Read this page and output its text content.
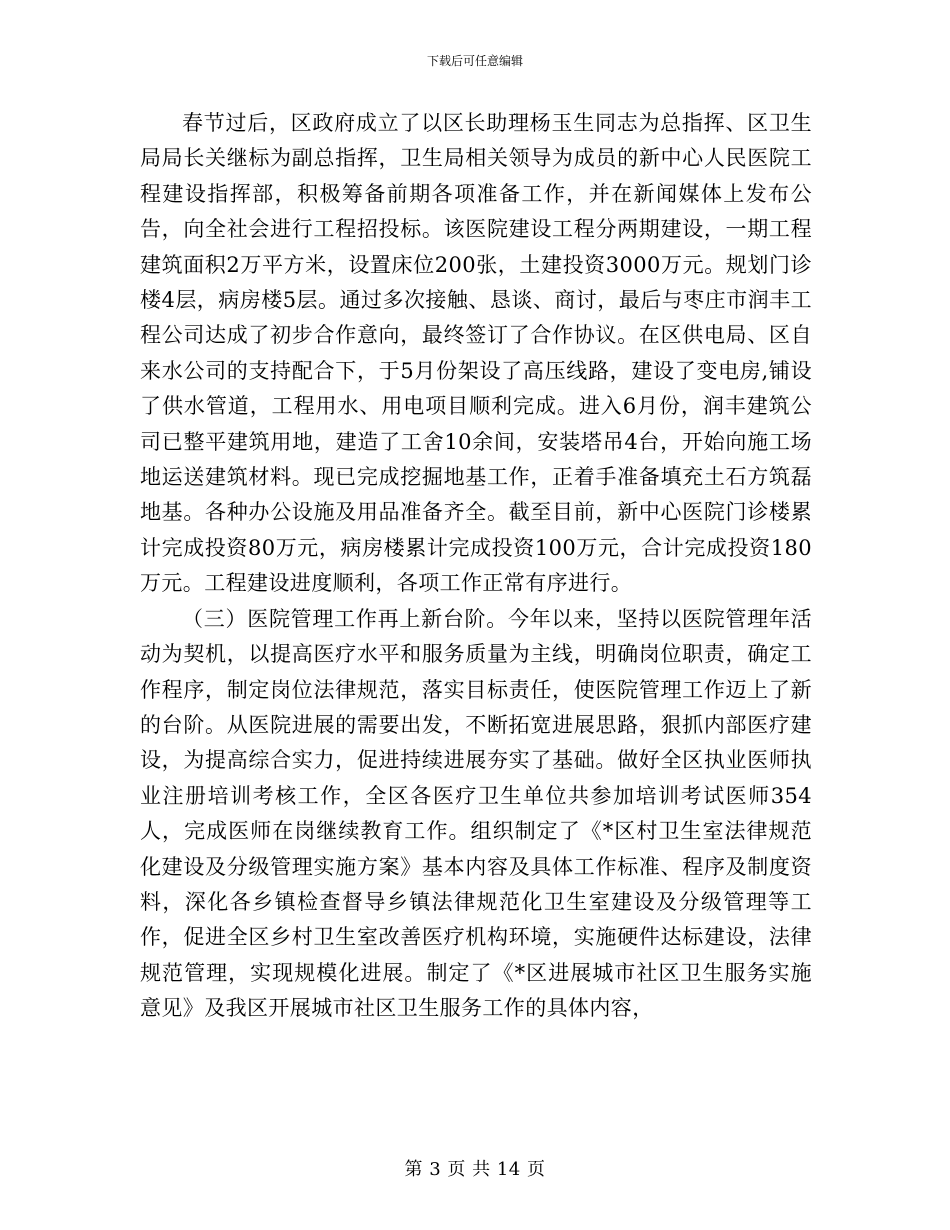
下载后可任意编辑

春节过后，区政府成立了以区长助理杨玉生同志为总指挥、区卫生局局长关继标为副总指挥，卫生局相关领导为成员的新中心人民医院工程建设指挥部，积极筹备前期各项准备工作，并在新闻媒体上发布公告，向全社会进行工程招投标。该医院建设工程分两期建设，一期工程建筑面积2万平方米，设置床位200张，土建投资3000万元。规划门诊楼4层，病房楼5层。通过多次接触、恳谈、商讨，最后与枣庄市润丰工程公司达成了初步合作意向，最终签订了合作协议。在区供电局、区自来水公司的支持配合下，于5月份架设了高压线路，建设了变电房,铺设了供水管道，工程用水、用电项目顺利完成。进入6月份，润丰建筑公司已整平建筑用地，建造了工舍10余间，安装塔吊4台，开始向施工场地运送建筑材料。现已完成挖掘地基工作，正着手准备填充土石方筑磊地基。各种办公设施及用品准备齐全。截至目前，新中心医院门诊楼累计完成投资80万元，病房楼累计完成投资100万元，合计完成投资180万元。工程建设进度顺利，各项工作正常有序进行。

（三）医院管理工作再上新台阶。今年以来，坚持以医院管理年活动为契机，以提高医疗水平和服务质量为主线，明确岗位职责，确定工作程序，制定岗位法律规范，落实目标责任，使医院管理工作迈上了新的台阶。从医院进展的需要出发，不断拓宽进展思路，狠抓内部医疗建设，为提高综合实力，促进持续进展夯实了基础。做好全区执业医师执业注册培训考核工作，全区各医疗卫生单位共参加培训考试医师354人，完成医师在岗继续教育工作。组织制定了《*区村卫生室法律规范化建设及分级管理实施方案》基本内容及具体工作标准、程序及制度资料，深化各乡镇检查督导乡镇法律规范化卫生室建设及分级管理等工作，促进全区乡村卫生室改善医疗机构环境，实施硬件达标建设，法律规范管理，实现规模化进展。制定了《*区进展城市社区卫生服务实施意见》及我区开展城市社区卫生服务工作的具体内容，

第 3 页 共 14 页
